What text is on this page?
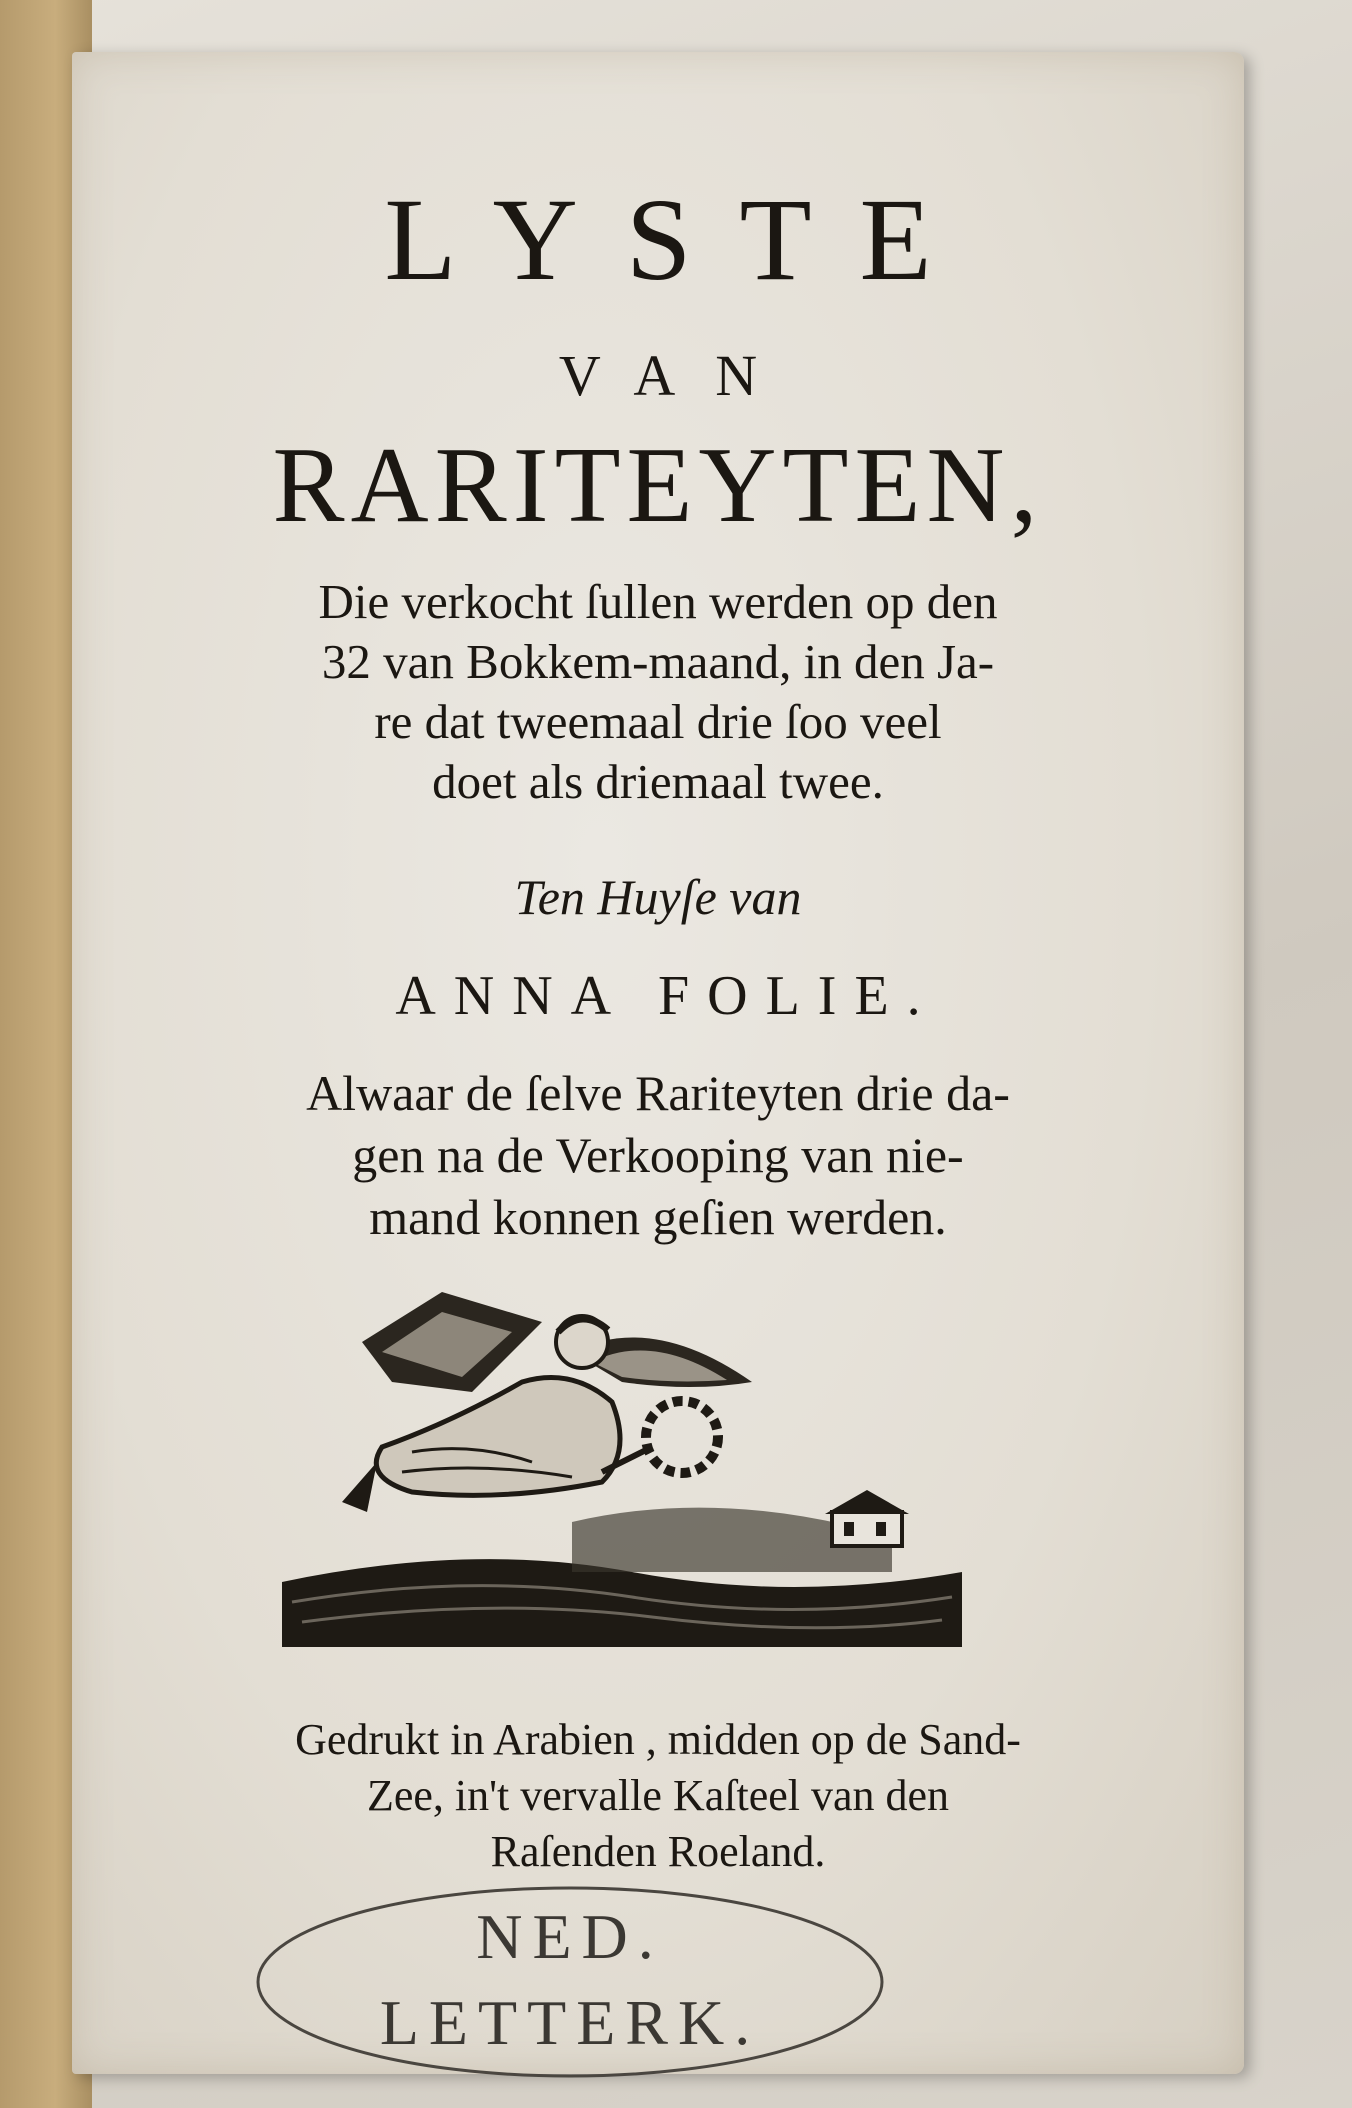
LYSTE

VAN

RARITEYTEN,

Die verkocht ſullen werden op den
32 van Bokkem-maand, in den Ja-
re dat tweemaal drie ſoo veel
doet als driemaal twee.

Ten Huyſe van

ANNA FOLIE.

Alwaar de ſelve Rariteyten drie da-
gen na de Verkooping van nie-
mand konnen geſien werden.
Gedrukt in Arabien , midden op de Sand-
Zee, in't vervalle Kaſteel van den
Raſenden Roeland.
NED.
LETTERK.
